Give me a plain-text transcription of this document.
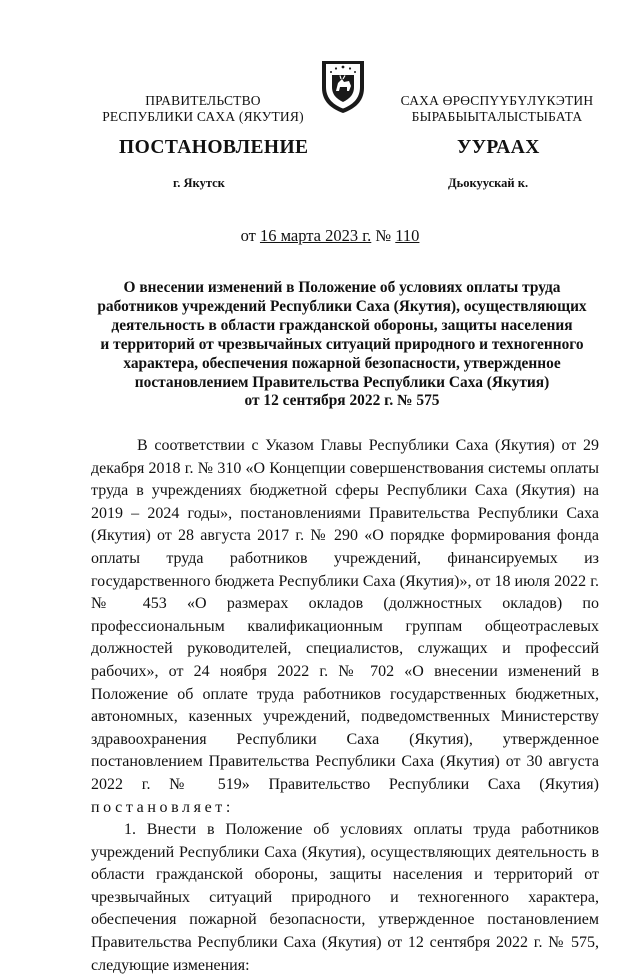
ПРАВИТЕЛЬСТВО
РЕСПУБЛИКИ САХА (ЯКУТИЯ)
САХА ӨРӨСПҮҮБҮЛҮКЭТИН
БЫРАБЫЫТАЛЫСТЫБАТА
ПОСТАНОВЛЕНИЕ	УУРААХ
г. Якутск	Дьокуускай к.
от 16 марта 2023 г. № 110
О внесении изменений в Положение об условиях оплаты труда
работников учреждений Республики Саха (Якутия), осуществляющих
деятельность в области гражданской обороны, защиты населения
и территорий от чрезвычайных ситуаций природного и техногенного
характера, обеспечения пожарной безопасности, утвержденное
постановлением Правительства Республики Саха (Якутия)
от 12 сентября 2022 г. № 575

В соответствии с Указом Главы Республики Саха (Якутия) от 29 декабря 2018 г. № 310 «О Концепции совершенствования системы оплаты труда в учреждениях бюджетной сферы Республики Саха (Якутия) на 2019 – 2024 годы», постановлениями Правительства Республики Саха (Якутия) от 28 августа 2017 г. № 290 «О порядке формирования фонда оплаты труда работников учреждений, финансируемых из государственного бюджета Республики Саха (Якутия)», от 18 июля 2022 г. № 453 «О размерах окладов (должностных окладов) по профессиональным квалификационным группам общеотраслевых должностей руководителей, специалистов, служащих и профессий рабочих», от 24 ноября 2022 г. № 702 «О внесении изменений в Положение об оплате труда работников государственных бюджетных, автономных, казенных учреждений, подведомственных Министерству здравоохранения Республики Саха (Якутия), утвержденное постановлением Правительства Республики Саха (Якутия) от 30 августа 2022 г. № 519» Правительство Республики Саха (Якутия) постановляет:

1. Внести в Положение об условиях оплаты труда работников учреждений Республики Саха (Якутия), осуществляющих деятельность в области гражданской обороны, защиты населения и территорий от чрезвычайных ситуаций природного и техногенного характера, обеспечения пожарной безопасности, утвержденное постановлением Правительства Республики Саха (Якутия) от 12 сентября 2022 г. № 575, следующие изменения:
